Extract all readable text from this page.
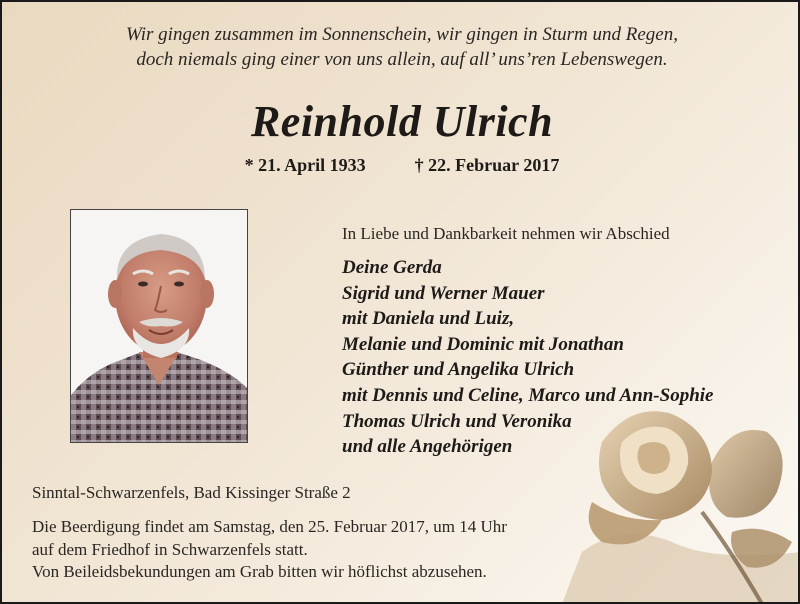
Wir gingen zusammen im Sonnenschein, wir gingen in Sturm und Regen,
doch niemals ging einer von uns allein, auf all’ uns’ren Lebenswegen.
Reinhold Ulrich
* 21. April 1933	† 22. Februar 2017
In Liebe und Dankbarkeit nehmen wir Abschied
Deine Gerda
Sigrid und Werner Mauer
mit Daniela und Luiz,
Melanie und Dominic mit Jonathan
Günther und Angelika Ulrich
mit Dennis und Celine, Marco und Ann-Sophie
Thomas Ulrich und Veronika
und alle Angehörigen
Sinntal-Schwarzenfels, Bad Kissinger Straße 2
Die Beerdigung findet am Samstag, den 25. Februar 2017, um 14 Uhr
auf dem Friedhof in Schwarzenfels statt.
Von Beileidsbekundungen am Grab bitten wir höflichst abzusehen.
